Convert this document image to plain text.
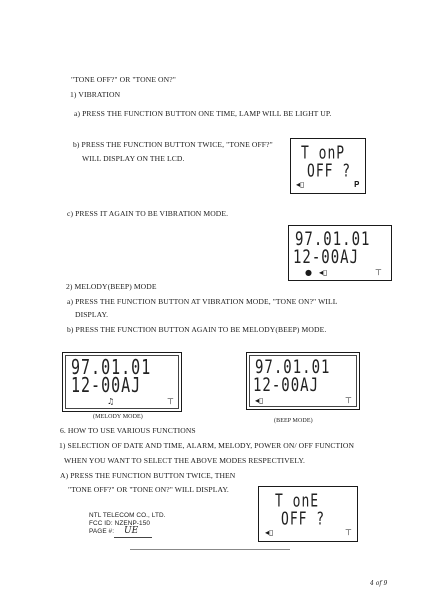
"TONE OFF?" OR "TONE ON?"
1) VIBRATION
a) PRESS THE FUNCTION BUTTON ONE TIME, LAMP WILL BE LIGHT UP.
b) PRESS THE FUNCTION BUTTON TWICE, "TONE OFF?"
WILL DISPLAY ON THE LCD.	T onP
OFF ?
◂▯	𝚸
c) PRESS IT AGAIN TO BE VIBRATION MODE.
97.01.01
12-00AJ
● ◂▯	⊤
2) MELODY(BEEP) MODE
a) PRESS THE FUNCTION BUTTON AT VIBRATION MODE, "TONE ON?" WILL
DISPLAY.
b) PRESS THE FUNCTION BUTTON AGAIN TO BE MELODY(BEEP) MODE.
97.01.01
12-00AJ
♫	⊤
(MELODY MODE)
97.01.01
12-00AJ
◂▯	⊤
(BEEP MODE)
6. HOW TO USE VARIOUS FUNCTIONS
1) SELECTION OF DATE AND TIME, ALARM, MELODY, POWER ON/ OFF FUNCTION
WHEN YOU WANT TO SELECT THE ABOVE MODES RESPECTIVELY.
A) PRESS THE FUNCTION BUTTON TWICE, THEN
"TONE OFF?" OR "TONE ON?" WILL DISPLAY.
T onE
OFF ?
◂▯	⊤
NTL TELECOM CO., LTD.
FCC ID: NZENP-150
PAGE #: UE
4 of 9
